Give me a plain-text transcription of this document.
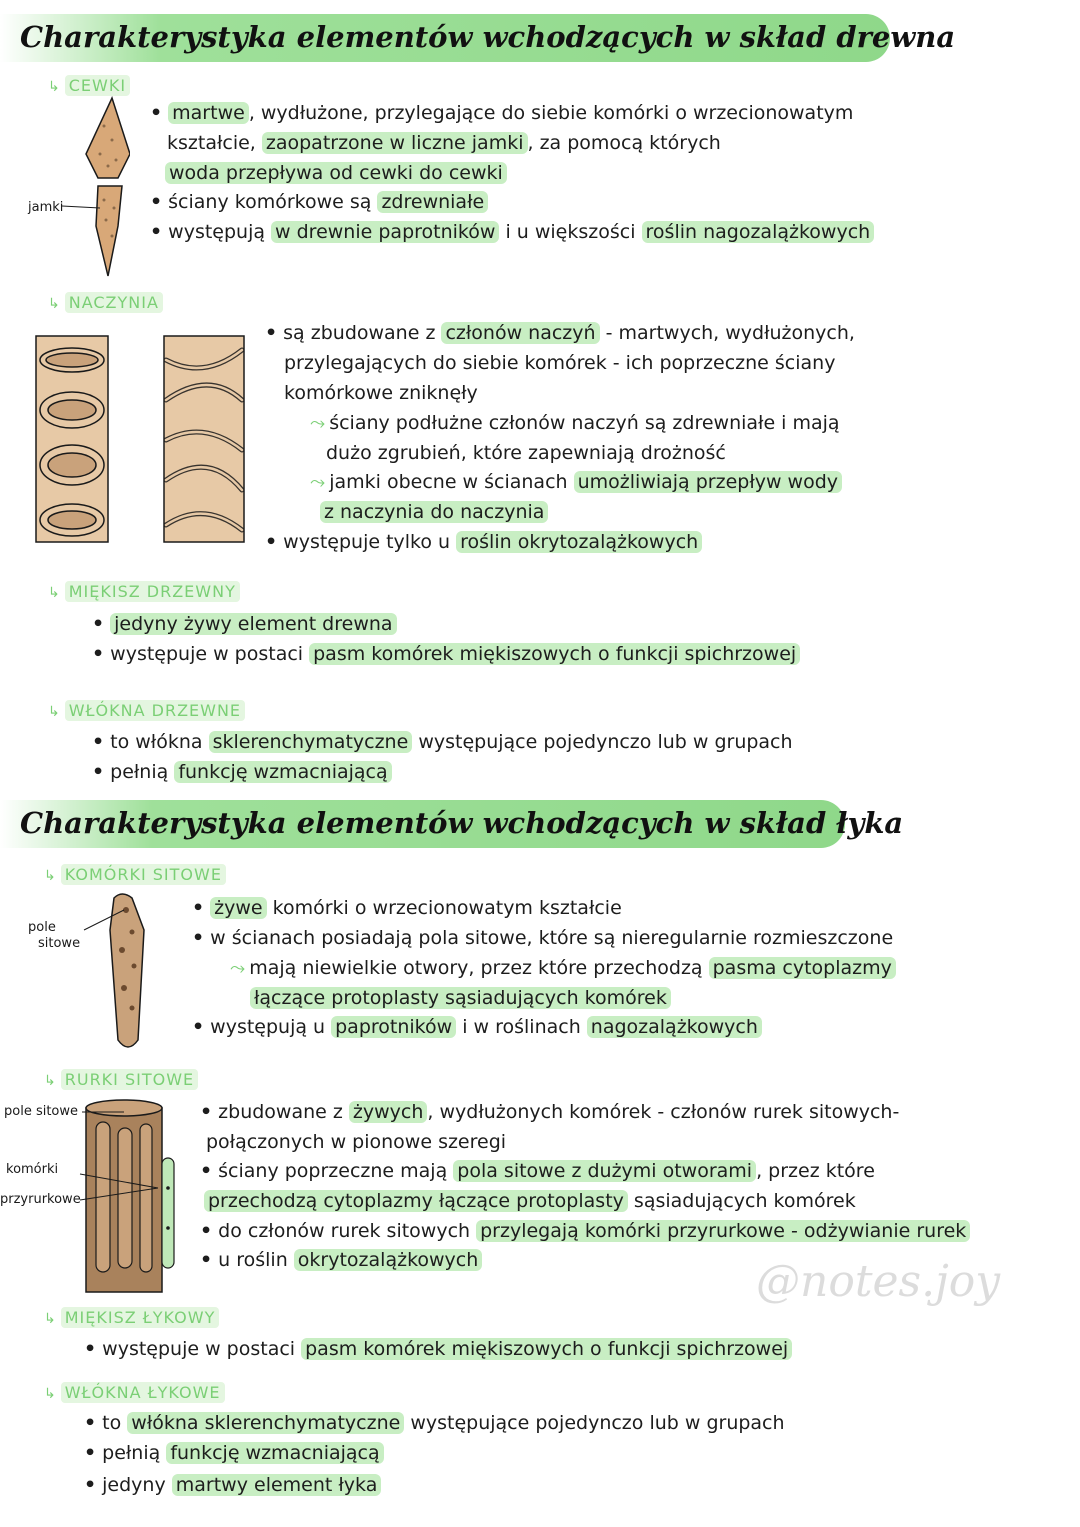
Charakterystyka elementów wchodzących w skład drewna
↳ CEWKI
jamki
• martwe , wydłużone, przylegające do siebie komórki o wrzecionowatym
kształcie, zaopatrzone w liczne jamki , za pomocą których
woda przepływa od cewki do cewki
• ściany komórkowe są zdrewniałe
• występują w drewnie paprotników i u większości roślin nagozalążkowych
↳ NACZYNIA
• są zbudowane z członów naczyń - martwych, wydłużonych,
przylegających do siebie komórek - ich poprzeczne ściany
komórkowe zniknęły
⤳ ściany podłużne członów naczyń są zdrewniałe i mają
dużo zgrubień, które zapewniają drożność
⤳ jamki obecne w ścianach umożliwiają przepływ wody
z naczynia do naczynia
• występuje tylko u roślin okrytozalążkowych
↳ MIĘKISZ DRZEWNY
• jedyny żywy element drewna
• występuje w postaci pasm komórek miękiszowych o funkcji spichrzowej
↳ WŁÓKNA DRZEWNE
• to włókna sklerenchymatyczne występujące pojedynczo lub w grupach
• pełnią funkcję wzmacniającą
Charakterystyka elementów wchodzących w skład łyka
↳ KOMÓRKI SITOWE
pole
sitowe
• żywe komórki o wrzecionowatym kształcie
• w ścianach posiadają pola sitowe, które są nieregularnie rozmieszczone
⤳ mają niewielkie otwory, przez które przechodzą pasma cytoplazmy
łączące protoplasty sąsiadujących komórek
• występują u paprotników i w roślinach nagozalążkowych
↳ RURKI SITOWE
pole sitowe
komórki
przyrurkowe
• zbudowane z żywych , wydłużonych komórek - członów rurek sitowych-
połączonych w pionowe szeregi
• ściany poprzeczne mają pola sitowe z dużymi otworami , przez które
przechodzą cytoplazmy łączące protoplasty sąsiadujących komórek
• do członów rurek sitowych przylegają komórki przyrurkowe - odżywianie rurek
• u roślin okrytozalążkowych	@notes.joy
↳ MIĘKISZ ŁYKOWY
• występuje w postaci pasm komórek miękiszowych o funkcji spichrzowej
↳ WŁÓKNA ŁYKOWE
• to włókna sklerenchymatyczne występujące pojedynczo lub w grupach
• pełnią funkcję wzmacniającą
• jedyny martwy element łyka
